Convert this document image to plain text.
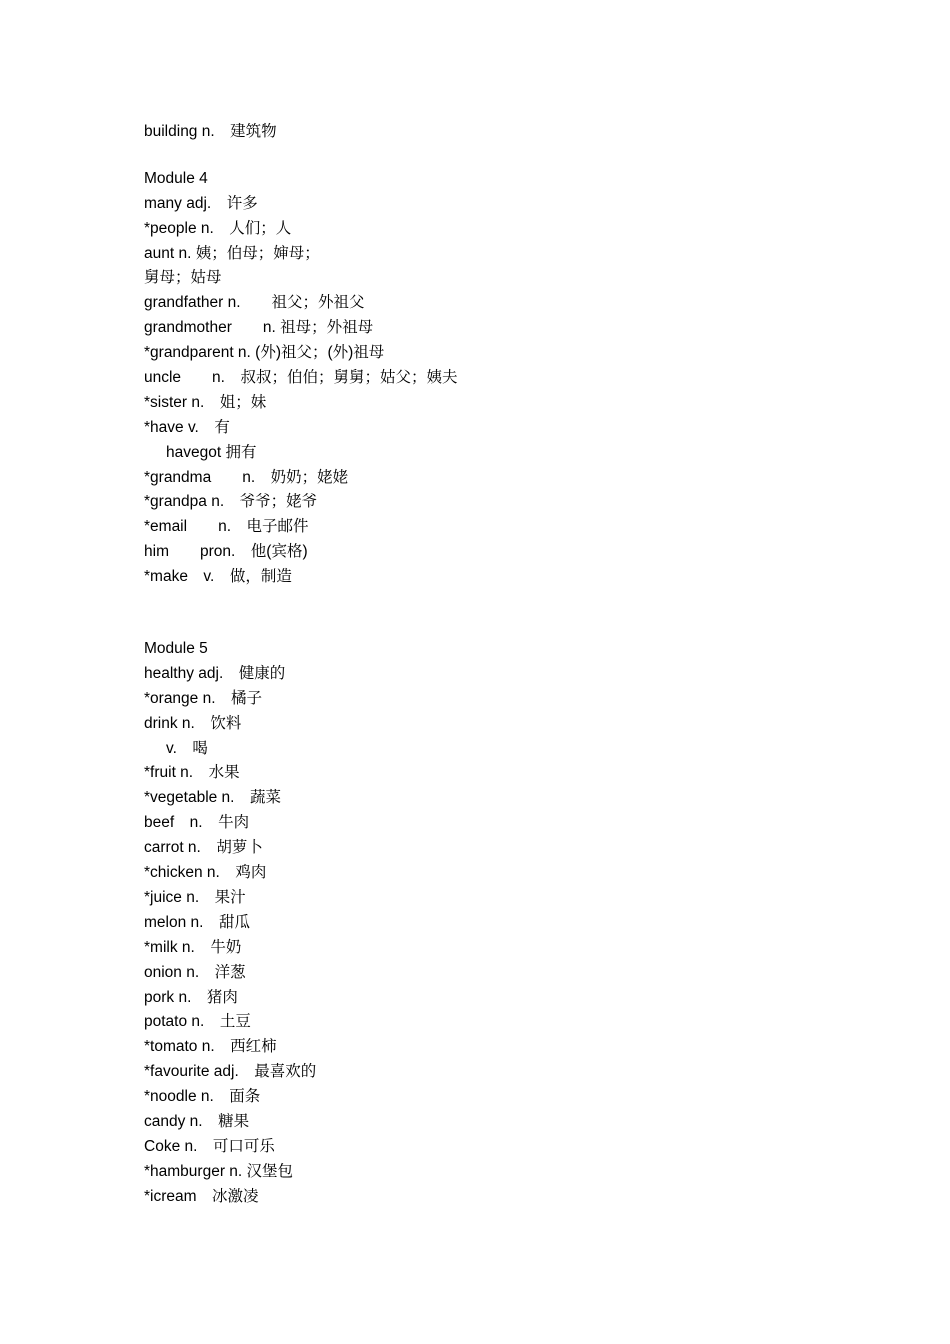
building n.　建筑物
Module 4
many adj.　许多
*people n.　人们；人
aunt n. 姨；伯母；婶母；
舅母；姑母
grandfather n.　　祖父；外祖父
grandmother　　n. 祖母；外祖母
*grandparent n. (外)祖父；(外)祖母
uncle　　n.　叔叔；伯伯；舅舅；姑父；姨夫
*sister n.　姐；妹
*have v.　有
havegot 拥有
*grandma　　n.　奶奶；姥姥
*grandpa n.　爷爷；姥爷
*email　　n.　电子邮件
him　　pron.　他(宾格)
*make　v.　做，制造
Module 5
healthy adj.　健康的
*orange n.　橘子
drink n.　饮料
v.　喝
*fruit n.　水果
*vegetable n.　蔬菜
beef　n.　牛肉
carrot n.　胡萝卜
*chicken n.　鸡肉
*juice n.　果汁
melon n.　甜瓜
*milk n.　牛奶
onion n.　洋葱
pork n.　猪肉
potato n.　土豆
*tomato n.　西红柿
*favourite adj.　最喜欢的
*noodle n.　面条
candy n.　糖果
Coke n.　可口可乐
*hamburger n. 汉堡包
*icream　冰激凌
